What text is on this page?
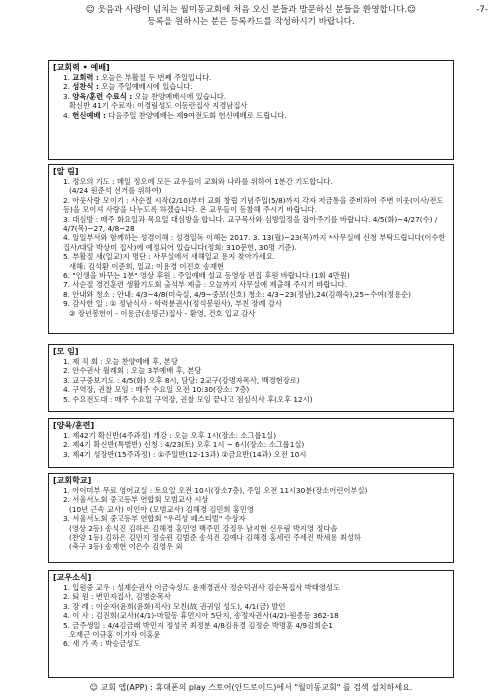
☺ 웃음과 사랑이 넘치는 월미동교회에 처음 오신 분들과 방문하신 분들을 환영합니다.☺	-7-
등록을 원하시는 분은 등록카드를 작성하시기 바랍니다.
[교회력 • 예배]
1. 교회력 : 오늘은 부활절 두 번째 주일입니다.
2. 성찬식 : 오늘 주일예배시에 있습니다.
3. 양육/훈련 수료식 : 오늘 찬양예배시에 있습니다.
확신반 41기 수료자: 이경림성도 이동란집사 지경남집사
4. 헌신예배 : 다음주일 찬양예배는 제9여전도회 헌신예배로 드립니다.
[알 림]
1. 정오의 기도 : 매일 정오에 모든 교우들이 교회와 나라를 위하여 1분간 기도합니다.
(4/24 원준석 선거를 위하여)
2. 아웃사랑 모이기 : 사순절 시작(2/10)부터 교회 창립 기념주일(5/8)까지 각자 저금통을 준비하여 주변 이웃(이사/전도 등)을 모이셔 사랑을 나누도록 하겠습니다. 온 교우들이 동참해 주시기 바랍니다.
3. 대심방 : 매주 화요일과 목요일 대심방을 합니다. 교구목사와 심방일정을 잡아주기를 바랍니다. 4/5(화)~4/27(수) / 4/7(목)~27, 4/8~28
4. 일일부서와 함께하는 성경이해 : 성경일독 이해는 2017. 3. 13(월)~23(목)까지 *사무실에 신청 부탁드립니다(이수한집사/대담 박상미 집사)에 예정되어 있습니다(정회: 310문헌, 30명 기준).
5. 부활절 새(일교)지 명단 : 사무실에서 새해일교 용지 찾아가세요.
새해: 김석환 이준희, 일교: 이용경 이진호 송재현
6. "인생을 바꾸는 1분" 영상 후원 : 주일예배 설교 동영상 편집 후원 바랍니다.(1회 4만원)
7. 사순절 경건훈련 생활기도회 출석부 제출 : 오늘까지 사무실에 제출해 주시기 바랍니다.
8. 안내와 청소 : 안내: 4/3~4/8(미숙실, 4/9~중보(신호) 청소: 4/3~23(정남),24(김해숙),25~수여(정용순)
9. 감사한 일 : ① 정남식사 - 학력분권사(정석봉원사), 부친 장례 감사
② 장년봉헌이 - 이용금(송명근)집사 - 환영, 건호 입교 감사
[모 임]
1. 제 직 회 : 오늘 찬양예배 후, 본당
2. 안수권사 월례회 : 오늘 3부예배 후, 본당
3. 교구중보기도 : 4/5(화) 오후 8시, 담당: 2교구(강명자목사, 백경현장로)
4. 구역장, 권찰 모임 : 매주 수요일 오전 10:30(장소: 7층)
5. 수요전도대 : 매주 수요일 구역장, 권찰 모임 끝나고 점심식사 후(오후 12시)
[양육/훈련]
1. 제42기 확신반(4주과정) 개강 : 오늘 오후 1시(장소: 소그룹1실)
2. 제4기 확신반(특별반) 신청 : 4/23(토) 오후 1시 ~ 6시(장소: 소그룹1실)
3. 제4기 성장반(15주과정) : ①주일반(12-13과) ②금요반(14과) 오전 10시
[교회학교]
1. 아이미부 무료 영어교실 : 토요일 오전 10시(장소7층), 주일 오전 11시30분(장소어린이부실)
2. 서울서노회 중고등부 연합회 모범교사 시상
(10년 근속 교사) 이인아 (모범교사) 김해경 김민희 홍민영
3. 서울서노회 중고등부 연합회 "우리성 페스티벌" 수상자
(영상 2등) 송석진 김하은 김해경 홍민영 백주민 강정우 남지현 신우림 박지영 정다솔
(찬양 1등) 김하은 김민지 정승원 김범준 송석진 김예나 김해경 홍세린 주세진 박세용 최성하
(축구 3등) 송재현 이은수 김영우 외
[교우소식]
1. 입원중 교우 : 성제순권사 이금숙성도 윤재경권사 정순덕권사 김순복집사 박태영성도
2. 퇴 원 : 변민자집사, 김병순목사
3. 장 례 : 이순자(윤희(윤화)직사) 모친(故 권귀임 성도), 4/1(금) 발인
4. 이 사 : 김진희(교사)(4/1)-마할동 휴먼시아 5단지, 송정자권사(4/2)-원종동 362-18
5. 금주생일 : 4/4김금래 박민지 정성국 최정분 4/8김유경 김정순 박명훈 4/9김희순1
오재근 이규홍 이기자 이홍윤
6. 새 가 족 : 박승금성도
☺ 교회 앱(APP) : 휴대폰의 play 스토어(안드로이드)에서 "월미동교회" 를 검색 설치하세요.
